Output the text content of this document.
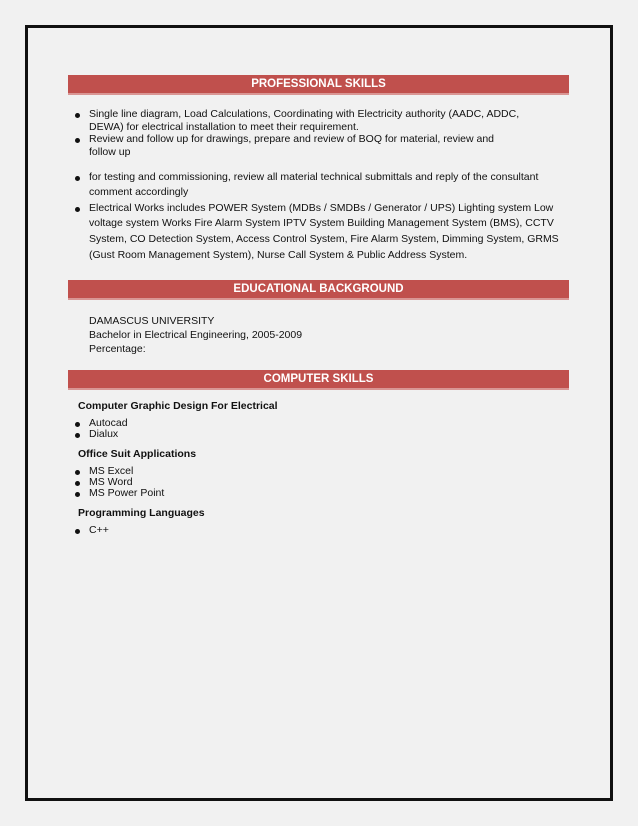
PROFESSIONAL SKILLS
Single line diagram, Load Calculations, Coordinating with Electricity authority (AADC, ADDC,
DEWA) for electrical installation to meet their requirement.
Review and follow up for drawings, prepare and review of BOQ for material, review and
follow up
for testing and commissioning, review all material technical submittals and reply of the consultant
comment accordingly
Electrical Works includes POWER System (MDBs / SMDBs / Generator / UPS) Lighting system Low
voltage system Works Fire Alarm System IPTV System Building Management System (BMS), CCTV
System, CO Detection System, Access Control System, Fire Alarm System, Dimming System, GRMS
(Gust Room Management System), Nurse Call System & Public Address System.
EDUCATIONAL BACKGROUND
DAMASCUS UNIVERSITY
Bachelor in Electrical Engineering, 2005-2009
Percentage:
COMPUTER SKILLS
Computer Graphic Design For Electrical
Autocad
Dialux
Office Suit Applications
MS Excel
MS Word
MS Power Point
Programming Languages
C++
